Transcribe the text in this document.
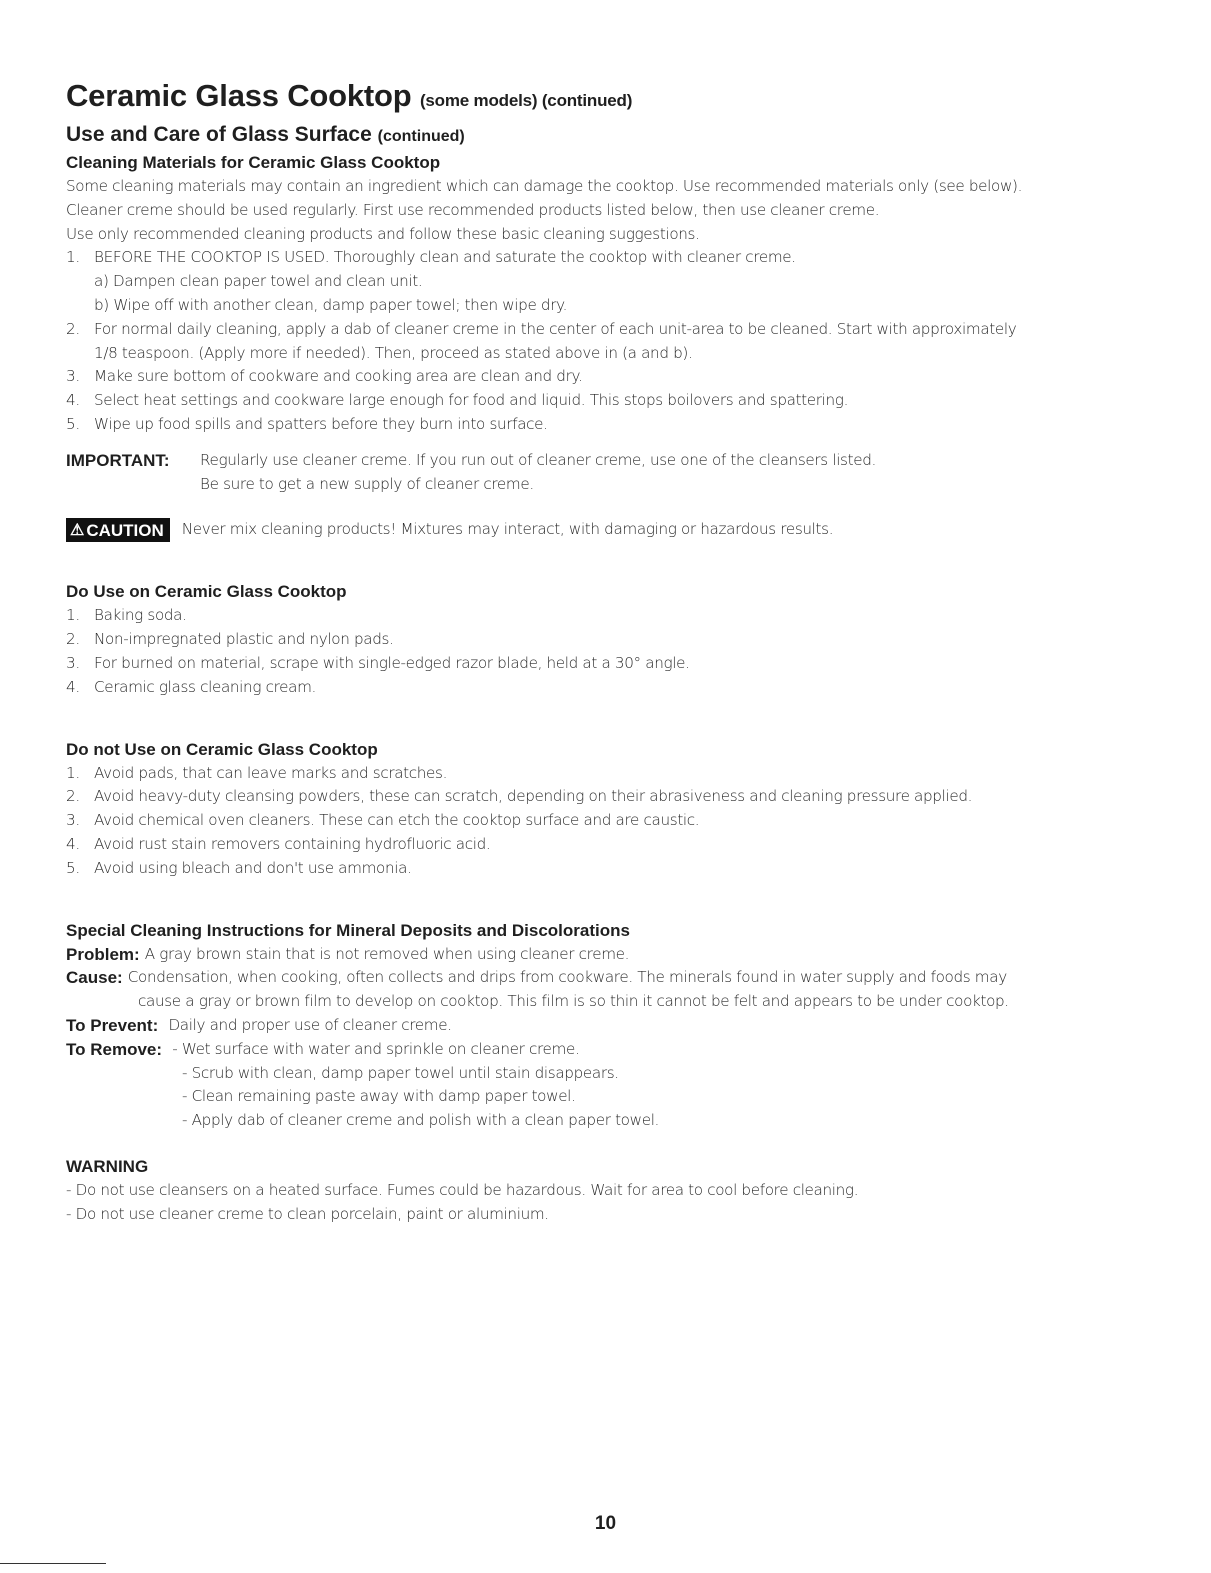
Ceramic Glass Cooktop (some models) (continued)
Use and Care of Glass Surface (continued)
Cleaning Materials for Ceramic Glass Cooktop

Some cleaning materials may contain an ingredient which can damage the cooktop. Use recommended materials only (see below).

Cleaner creme should be used regularly. First use recommended products listed below, then use cleaner creme.

Use only recommended cleaning products and follow these basic cleaning suggestions.

1. BEFORE THE COOKTOP IS USED. Thoroughly clean and saturate the cooktop with cleaner creme.
a) Dampen clean paper towel and clean unit.
b) Wipe off with another clean, damp paper towel; then wipe dry.
2. For normal daily cleaning, apply a dab of cleaner creme in the center of each unit-area to be cleaned. Start with approximately
1/8 teaspoon. (Apply more if needed). Then, proceed as stated above in (a and b).
3. Make sure bottom of cookware and cooking area are clean and dry.
4. Select heat settings and cookware large enough for food and liquid. This stops boilovers and spattering.
5. Wipe up food spills and spatters before they burn into surface.
IMPORTANT:	Regularly use cleaner creme. If you run out of cleaner creme, use one of the cleansers listed.

Be sure to get a new supply of cleaner creme.

⚠ CAUTION Never mix cleaning products! Mixtures may interact, with damaging or hazardous results.
Do Use on Ceramic Glass Cooktop
1. Baking soda.
2. Non-impregnated plastic and nylon pads.
3. For burned on material, scrape with single-edged razor blade, held at a 30° angle.
4. Ceramic glass cleaning cream.
Do not Use on Ceramic Glass Cooktop
1. Avoid pads, that can leave marks and scratches.
2. Avoid heavy-duty cleansing powders, these can scratch, depending on their abrasiveness and cleaning pressure applied.
3. Avoid chemical oven cleaners. These can etch the cooktop surface and are caustic.
4. Avoid rust stain removers containing hydrofluoric acid.
5. Avoid using bleach and don't use ammonia.
Special Cleaning Instructions for Mineral Deposits and Discolorations
Problem:
A gray brown stain that is not removed when using cleaner creme.
Cause:
Condensation, when cooking, often collects and drips from cookware. The minerals found in water supply and foods may

cause a gray or brown film to develop on cooktop. This film is so thin it cannot be felt and appears to be under cooktop.

To Prevent:
Daily and proper use of cleaner creme.
To Remove:
- Wet surface with water and sprinkle on cleaner creme.

- Scrub with clean, damp paper towel until stain disappears.

- Clean remaining paste away with damp paper towel.

- Apply dab of cleaner creme and polish with a clean paper towel.

WARNING

- Do not use cleansers on a heated surface. Fumes could be hazardous. Wait for area to cool before cleaning.

- Do not use cleaner creme to clean porcelain, paint or aluminium.

10
